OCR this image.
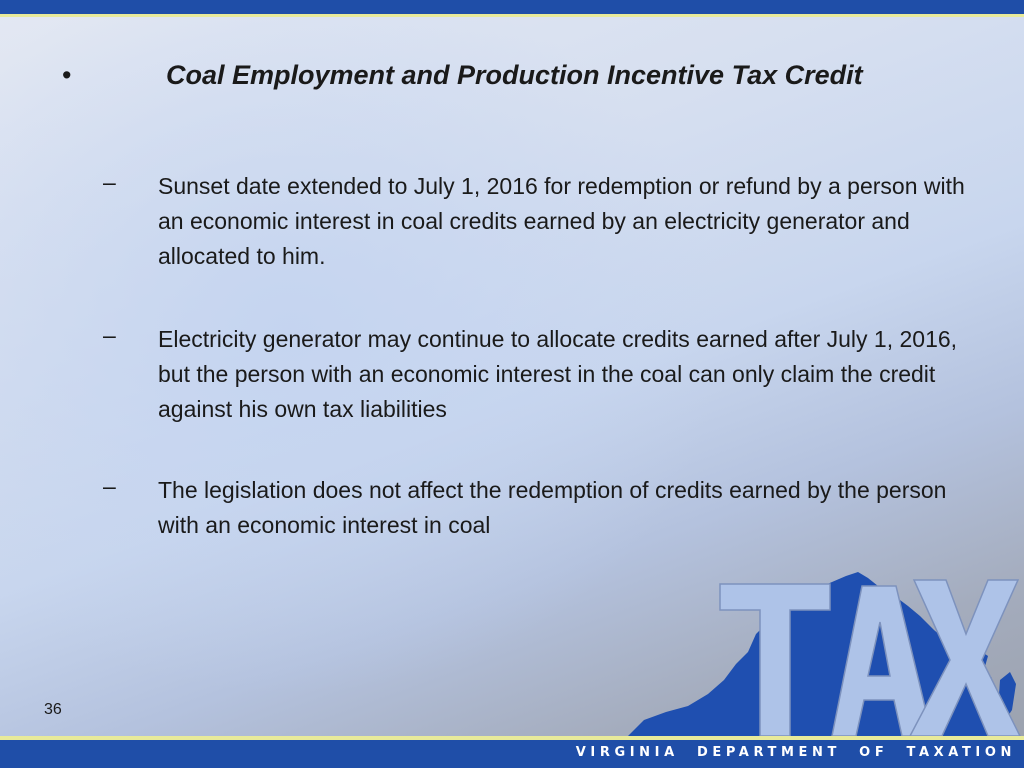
•	Coal Employment and Production Incentive Tax Credit
– Sunset date extended to July 1, 2016 for redemption or refund by a person with an economic interest in coal credits earned by an electricity generator and allocated to him.
– Electricity generator may continue to allocate credits earned after July 1, 2016, but the person with an economic interest in the coal can only claim the credit against his own tax liabilities
– The legislation does not affect the redemption of credits earned by the person with an economic interest in coal
36
VIRGINIA  DEPARTMENT  OF  TAXATION
